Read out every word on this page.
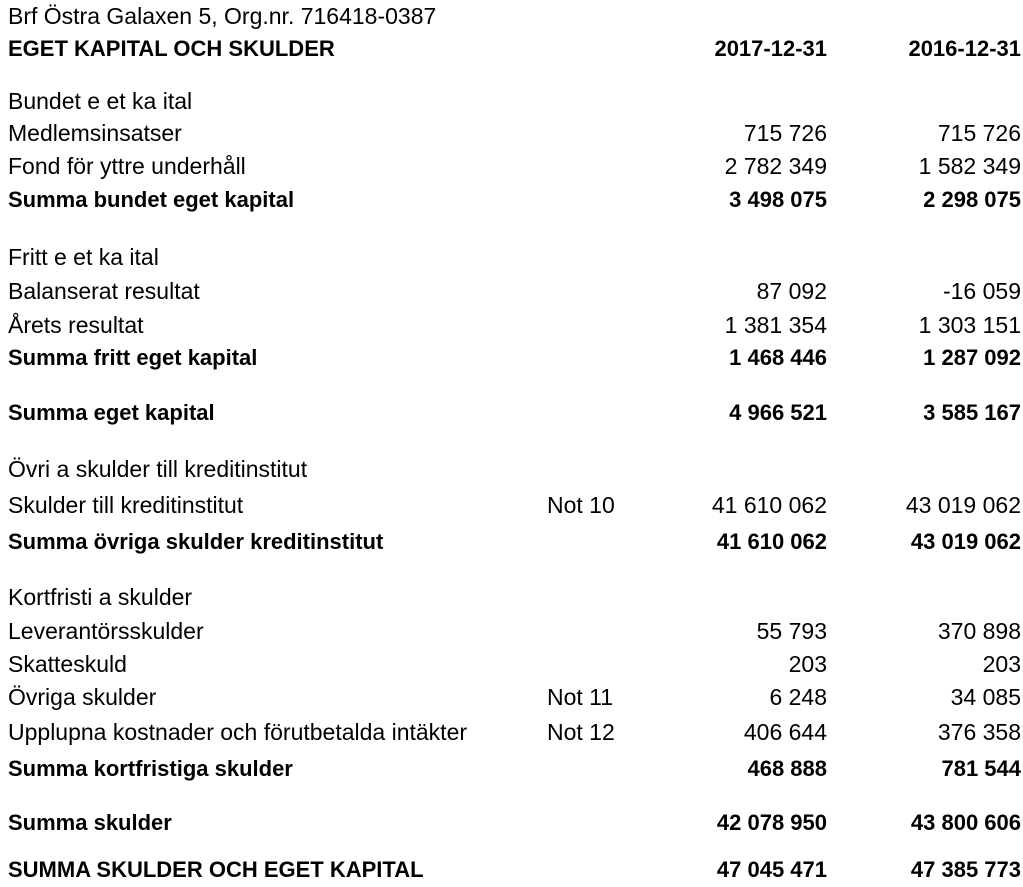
Brf Östra Galaxen 5, Org.nr. 716418-0387
EGET KAPITAL OCH SKULDER	2017-12-31	2016-12-31
Bundet e et ka ital
Medlemsinsatser	715 726	715 726
Fond för yttre underhåll	2 782 349	1 582 349
Summa bundet eget kapital	3 498 075	2 298 075
Fritt e et ka ital
Balanserat resultat	87 092	-16 059
Årets resultat	1 381 354	1 303 151
Summa fritt eget kapital	1 468 446	1 287 092
Summa eget kapital	4 966 521	3 585 167
Övri a skulder till kreditinstitut
Skulder till kreditinstitut	Not 10	41 610 062	43 019 062
Summa övriga skulder kreditinstitut	41 610 062	43 019 062
Kortfristi a skulder
Leverantörsskulder	55 793	370 898
Skatteskuld	203	203
Övriga skulder	Not 11	6 248	34 085
Upplupna kostnader och förutbetalda intäkter	Not 12	406 644	376 358
Summa kortfristiga skulder	468 888	781 544
Summa skulder	42 078 950	43 800 606
SUMMA SKULDER OCH EGET KAPITAL	47 045 471	47 385 773
